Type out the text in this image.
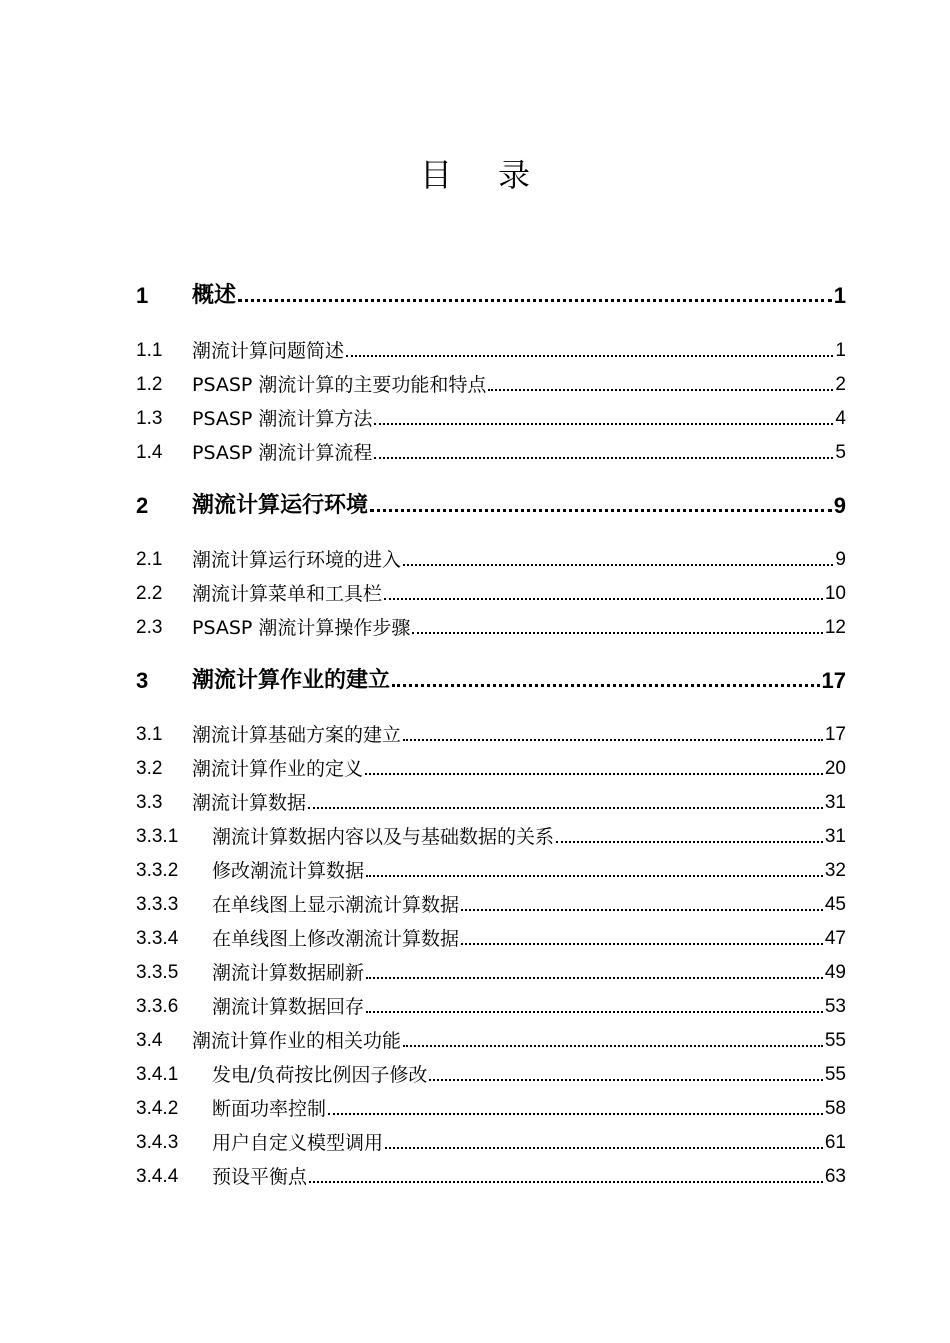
目 录
1	概述	1
1.1	潮流计算问题简述	1
1.2	PSASP 潮流计算的主要功能和特点	2
1.3	PSASP 潮流计算方法	4
1.4	PSASP 潮流计算流程	5
2	潮流计算运行环境	9
2.1	潮流计算运行环境的进入	9
2.2	潮流计算菜单和工具栏	10
2.3	PSASP 潮流计算操作步骤	12
3	潮流计算作业的建立	17
3.1	潮流计算基础方案的建立	17
3.2	潮流计算作业的定义	20
3.3	潮流计算数据	31
3.3.1	潮流计算数据内容以及与基础数据的关系	31
3.3.2	修改潮流计算数据	32
3.3.3	在单线图上显示潮流计算数据	45
3.3.4	在单线图上修改潮流计算数据	47
3.3.5	潮流计算数据刷新	49
3.3.6	潮流计算数据回存	53
3.4	潮流计算作业的相关功能	55
3.4.1	发电/负荷按比例因子修改	55
3.4.2	断面功率控制	58
3.4.3	用户自定义模型调用	61
3.4.4	预设平衡点	63
